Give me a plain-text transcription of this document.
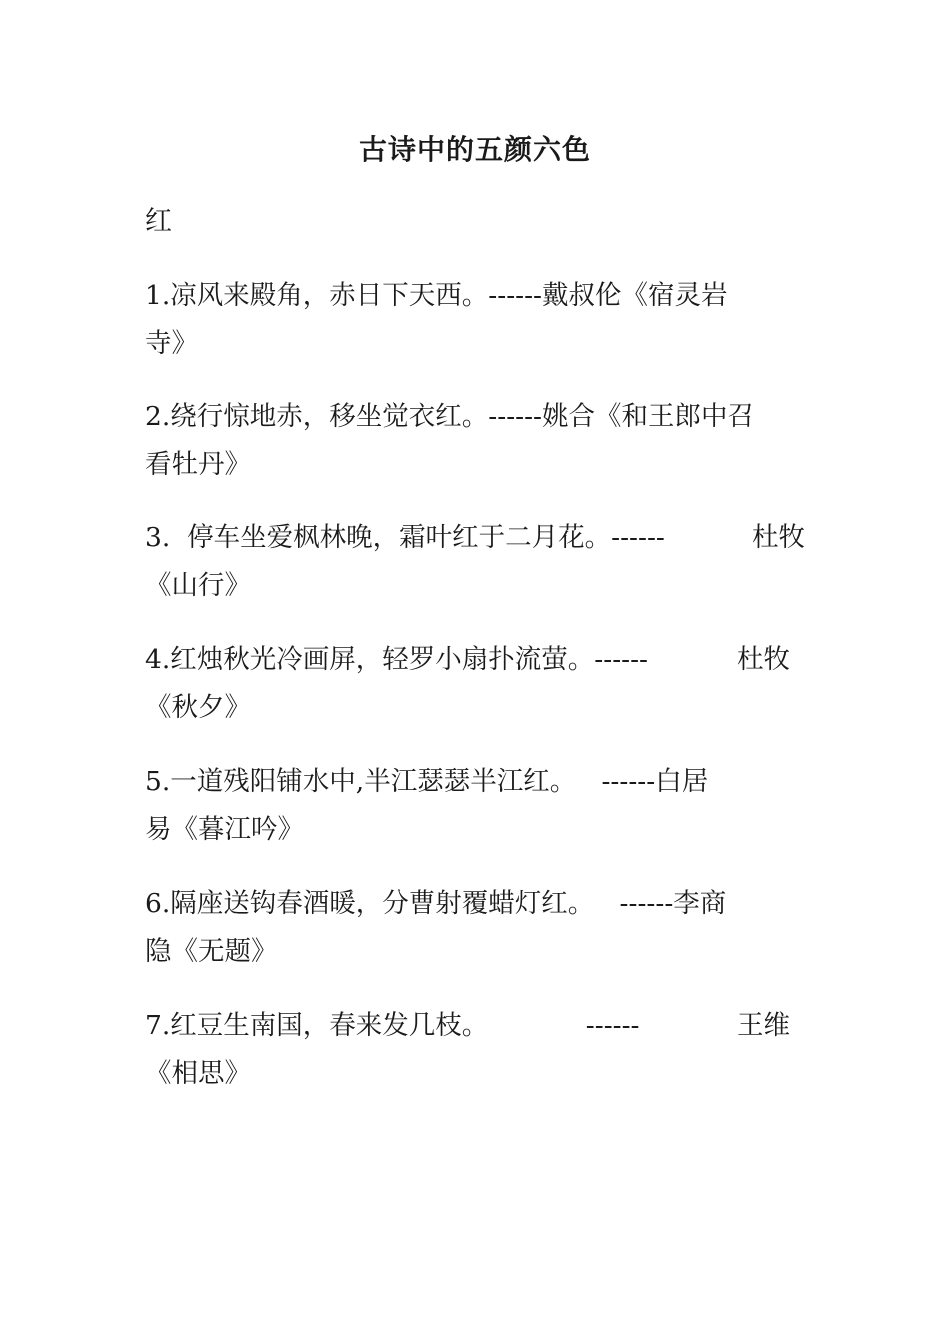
古诗中的五颜六色
红
1.凉风来殿角，赤日下天西。------戴叔伦《宿灵岩
寺》
2.绕行惊地赤，移坐觉衣红。------姚合《和王郎中召
看牡丹》
3.  停车坐爱枫林晚，霜叶红于二月花。------	杜牧
《山行》
4.红烛秋光冷画屏，轻罗小扇扑流萤。------	杜牧
《秋夕》
5.一道残阳铺水中,半江瑟瑟半江红。   ------白居
易《暮江吟》
6.隔座送钩春酒暖，分曹射覆蜡灯红。   ------李商
隐《无题》
7.红豆生南国，春来发几枝。	------	王维
《相思》
